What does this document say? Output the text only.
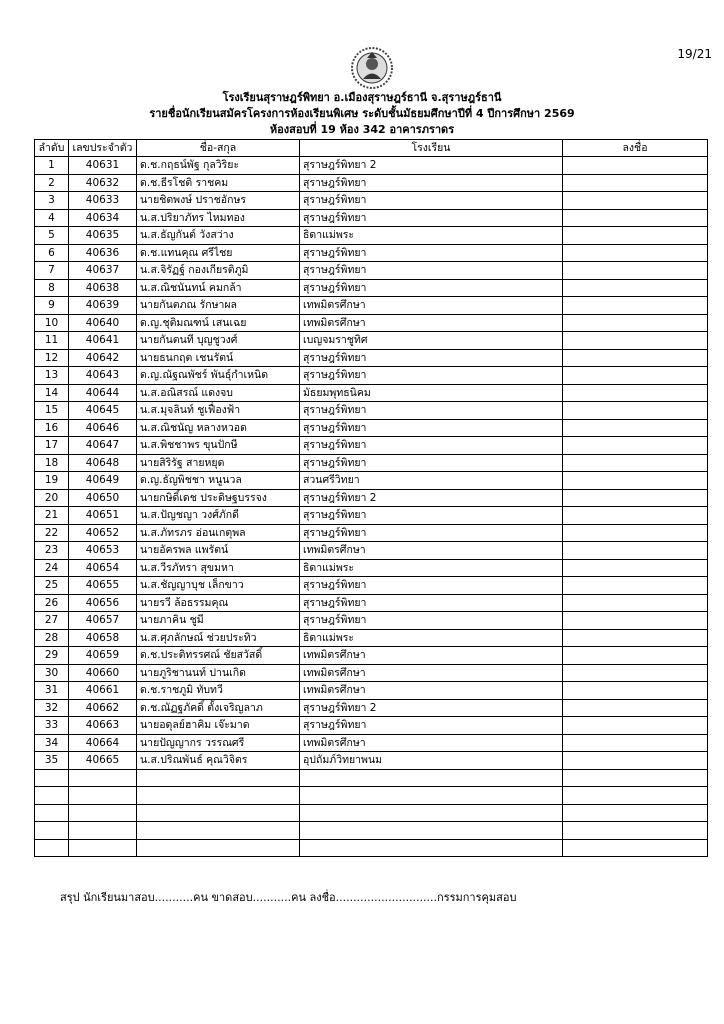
19/21
โรงเรียนสุราษฎร์พิทยา อ.เมืองสุราษฎร์ธานี จ.สุราษฎร์ธานี
รายชื่อนักเรียนสมัครโครงการห้องเรียนพิเศษ ระดับชั้นมัธยมศึกษาปีที่ 4 ปีการศึกษา 2569
ห้องสอบที่ 19 ห้อง 342 อาคารภราดร
ลำดับ	เลขประจำตัว	ชื่อ-สกุล	โรงเรียน	ลงชื่อ
1	40631	ด.ช.กฤธน์พัฐ กุลวิริยะ	สุราษฎร์พิทยา 2	
2	40632	ด.ช.ธีรโชติ ราชคม	สุราษฎร์พิทยา	
3	40633	นายชิตพงษ์ ปราชอักษร	สุราษฎร์พิทยา	
4	40634	น.ส.ปริยาภัทร ไหมทอง	สุราษฎร์พิทยา	
5	40635	น.ส.ธัญกันต์ วังสว่าง	ธิดาแม่พระ	
6	40636	ด.ช.แทนคุณ ศรีไชย	สุราษฎร์พิทยา	
7	40637	น.ส.จิรัฏฐ์ กองเกียรติภูมิ	สุราษฎร์พิทยา	
8	40638	น.ส.ณิชนันทน์ คมกล้า	สุราษฎร์พิทยา	
9	40639	นายกันตภณ รักษาผล	เทพมิตรศึกษา	
10	40640	ด.ญ.ชุติมณฑน์ เสนเฉย	เทพมิตรศึกษา	
11	40641	นายกันตนที บุญชูวงศ์	เบญจมราชูทิศ	
12	40642	นายธนกฤต เชนรัตน์	สุราษฎร์พิทยา	
13	40643	ด.ญ.ณัฐณพัชร์ พันธุ์กำเหนิด	สุราษฎร์พิทยา	
14	40644	น.ส.อณิสรณ์ แดงจบ	มัธยมพุทธนิคม	
15	40645	น.ส.มุจลินท์ ชูเฟื่องฟ้า	สุราษฎร์พิทยา	
16	40646	น.ส.ณิชนัญ หลางหวอด	สุราษฎร์พิทยา	
17	40647	น.ส.พิชชาพร ขุนปักษี	สุราษฎร์พิทยา	
18	40648	นายสิริรัฐ สายหยุด	สุราษฎร์พิทยา	
19	40649	ด.ญ.ธัญพิชชา หนูนวล	สวนศรีวิทยา	
20	40650	นายกษิดิ์เดช ประดิษฐบรรจง	สุราษฎร์พิทยา 2	
21	40651	น.ส.ปัญชญา วงศ์ภักดี	สุราษฎร์พิทยา	
22	40652	น.ส.ภัทรภร อ่อนเกตุพล	สุราษฎร์พิทยา	
23	40653	นายอัครพล แพรัตน์	เทพมิตรศึกษา	
24	40654	น.ส.วีรภัทรา สุขมหา	ธิดาแม่พระ	
25	40655	น.ส.ชัญญาบุช เล็กขาว	สุราษฎร์พิทยา	
26	40656	นายรวี ล้อธรรมคุณ	สุราษฎร์พิทยา	
27	40657	นายภาคิน ชูมี	สุราษฎร์พิทยา	
28	40658	น.ส.ศุภลักษณ์ ช่วยประทิว	ธิดาแม่พระ	
29	40659	ด.ช.ประติทรรศณ์ ชัยสวัสดิ์	เทพมิตรศึกษา	
30	40660	นายภูริชานนท์ ปานเกิด	เทพมิตรศึกษา	
31	40661	ด.ช.ราชภูมิ ทับทวี	เทพมิตรศึกษา	
32	40662	ด.ช.ณัฏฐภัคดิ์ ตั้งเจริญลาภ	สุราษฎร์พิทยา 2	
33	40663	นายอดุลย์ฮาคิม เจ๊ะมาด	สุราษฎร์พิทยา	
34	40664	นายปัญญากร วรรณศรี	เทพมิตรศึกษา	
35	40665	น.ส.ปริณพันธ์ คุณวิจิตร	อุปถัมภ์วิทยาพนม	

สรุป นักเรียนมาสอบ...........คน ขาดสอบ...........คน ลงชื่อ.............................กรรมการคุมสอบ
